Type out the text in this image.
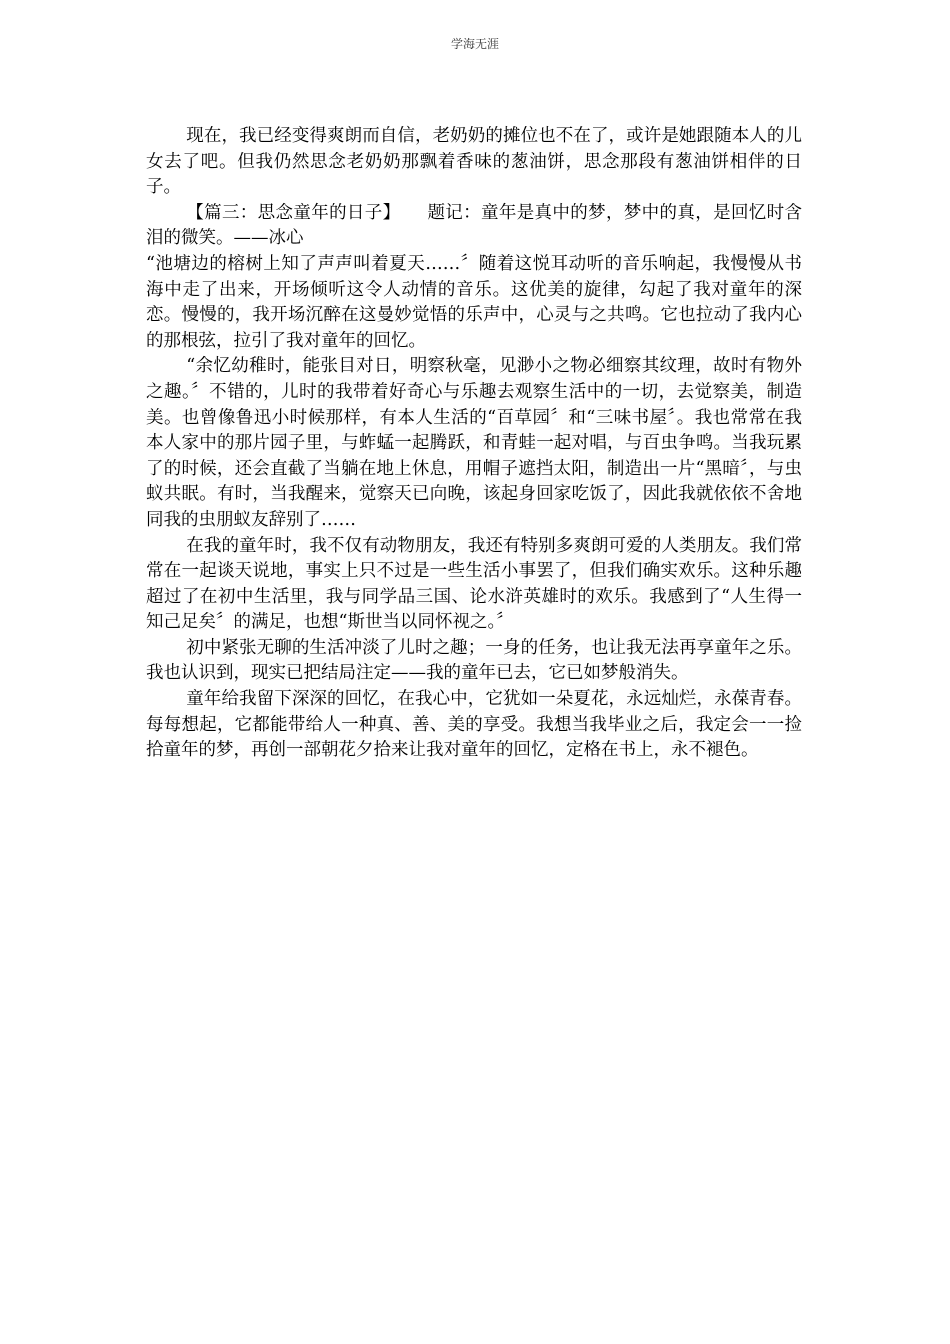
学海无涯

现在，我已经变得爽朗而自信，老奶奶的摊位也不在了，或许是她跟随本人的儿女去了吧。但我仍然思念老奶奶那飘着香味的葱油饼，思念那段有葱油饼相伴的日子。

【篇三：思念童年的日子】　　题记：童年是真中的梦，梦中的真，是回忆时含泪的微笑。——冰心

“池塘边的榕树上知了声声叫着夏天……〞随着这悦耳动听的音乐响起，我慢慢从书海中走了出来，开场倾听这令人动情的音乐。这优美的旋律，勾起了我对童年的深恋。慢慢的，我开场沉醉在这曼妙觉悟的乐声中，心灵与之共鸣。它也拉动了我内心的那根弦，拉引了我对童年的回忆。

“余忆幼稚时，能张目对日，明察秋毫，见渺小之物必细察其纹理，故时有物外之趣。〞不错的，儿时的我带着好奇心与乐趣去观察生活中的一切，去觉察美，制造美。也曾像鲁迅小时候那样，有本人生活的“百草园〞和“三味书屋〞。我也常常在我本人家中的那片园子里，与蚱蜢一起腾跃，和青蛙一起对唱，与百虫争鸣。当我玩累了的时候，还会直截了当躺在地上休息，用帽子遮挡太阳，制造出一片“黑暗〞，与虫蚁共眠。有时，当我醒来，觉察天已向晚，该起身回家吃饭了，因此我就依依不舍地同我的虫朋蚁友辞别了……

在我的童年时，我不仅有动物朋友，我还有特别多爽朗可爱的人类朋友。我们常常在一起谈天说地，事实上只不过是一些生活小事罢了，但我们确实欢乐。这种乐趣超过了在初中生活里，我与同学品三国、论水浒英雄时的欢乐。我感到了“人生得一知己足矣〞的满足，也想“斯世当以同怀视之。〞

初中紧张无聊的生活冲淡了儿时之趣；一身的任务，也让我无法再享童年之乐。我也认识到，现实已把结局注定——我的童年已去，它已如梦般消失。

童年给我留下深深的回忆，在我心中，它犹如一朵夏花，永远灿烂，永葆青春。每每想起，它都能带给人一种真、善、美的享受。我想当我毕业之后，我定会一一捡拾童年的梦，再创一部朝花夕拾来让我对童年的回忆，定格在书上，永不褪色。
